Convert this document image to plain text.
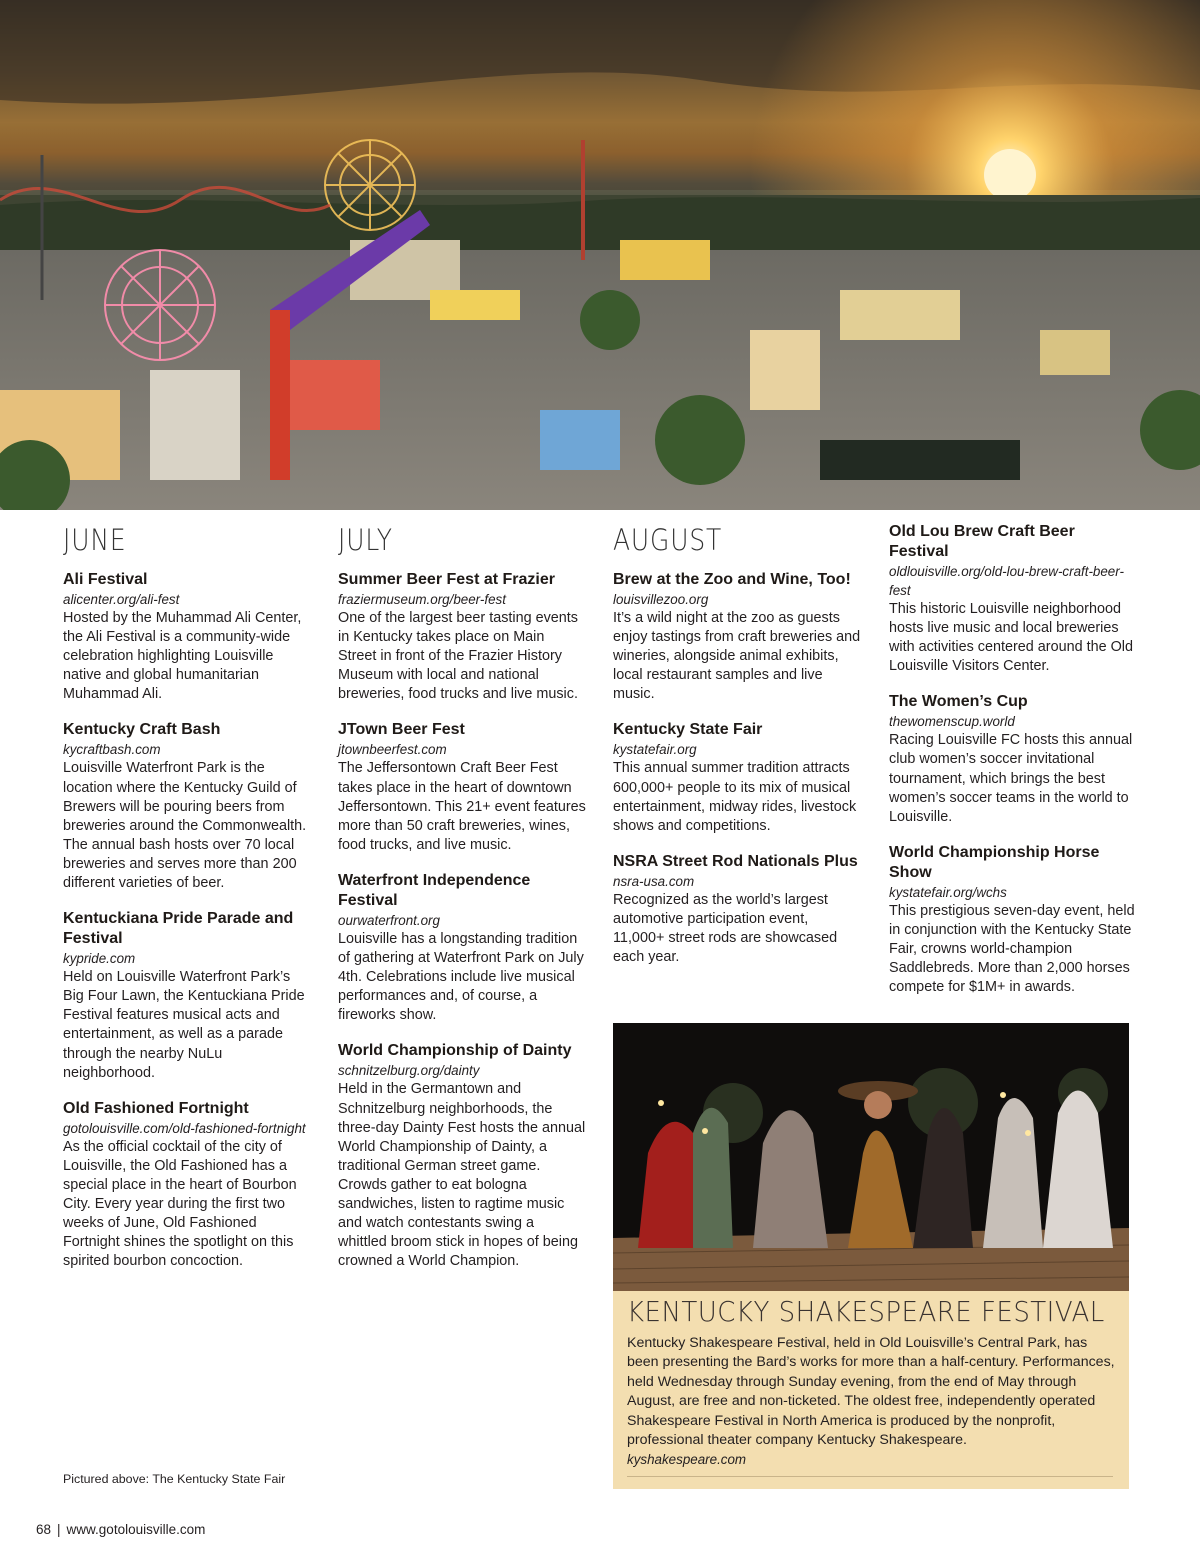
JUNE
Ali Festival
alicenter.org/ali-fest
Hosted by the Muhammad Ali Center, the Ali Festival is a community-wide celebration highlighting Louisville native and global humanitarian Muhammad Ali.
Kentucky Craft Bash
kycraftbash.com
Louisville Waterfront Park is the location where the Kentucky Guild of Brewers will be pouring beers from breweries around the Commonwealth. The annual bash hosts over 70 local breweries and serves more than 200 different varieties of beer.
Kentuckiana Pride Parade and Festival
kypride.com
Held on Louisville Waterfront Park’s Big Four Lawn, the Kentuckiana Pride Festival features musical acts and entertainment, as well as a parade through the nearby NuLu neighborhood.
Old Fashioned Fortnight
gotolouisville.com/old-fashioned-fortnight
As the official cocktail of the city of Louisville, the Old Fashioned has a special place in the heart of Bourbon City. Every year during the first two weeks of June, Old Fashioned Fortnight shines the spotlight on this spirited bourbon concoction.
JULY
Summer Beer Fest at Frazier
fraziermuseum.org/beer-fest
One of the largest beer tasting events in Kentucky takes place on Main Street in front of the Frazier History Museum with local and national breweries, food trucks and live music.
JTown Beer Fest
jtownbeerfest.com
The Jeffersontown Craft Beer Fest takes place in the heart of downtown Jeffersontown. This 21+ event features more than 50 craft breweries, wines, food trucks, and live music.
Waterfront Independence Festival
ourwaterfront.org
Louisville has a longstanding tradition of gathering at Waterfront Park on July 4th. Celebrations include live musical performances and, of course, a fireworks show.
World Championship of Dainty
schnitzelburg.org/dainty
Held in the Germantown and Schnitzelburg neighborhoods, the three-day Dainty Fest hosts the annual World Championship of Dainty, a traditional German street game. Crowds gather to eat bologna sandwiches, listen to ragtime music and watch contestants swing a whittled broom stick in hopes of being crowned a World Champion.
AUGUST
Brew at the Zoo and Wine, Too!
louisvillezoo.org
It’s a wild night at the zoo as guests enjoy tastings from craft breweries and wineries, alongside animal exhibits, local restaurant samples and live music.
Kentucky State Fair
kystatefair.org
This annual summer tradition attracts 600,000+ people to its mix of musical entertainment, midway rides, livestock shows and competitions.
NSRA Street Rod Nationals Plus
nsra-usa.com
Recognized as the world’s largest automotive participation event, 11,000+ street rods are showcased each year.
Old Lou Brew Craft Beer Festival
oldlouisville.org/old-lou-brew-craft-beer-fest
This historic Louisville neighborhood hosts live music and local breweries with activities centered around the Old Louisville Visitors Center.
The Women’s Cup
thewomenscup.world
Racing Louisville FC hosts this annual club women’s soccer invitational tournament, which brings the best women’s soccer teams in the world to Louisville.
World Championship Horse Show
kystatefair.org/wchs
This prestigious seven-day event, held in conjunction with the Kentucky State Fair, crowns world-champion Saddlebreds. More than 2,000 horses compete for $1M+ in awards.
KENTUCKY SHAKESPEARE FESTIVAL
Kentucky Shakespeare Festival, held in Old Louisville’s Central Park, has been presenting the Bard’s works for more than a half-century. Performances, held Wednesday through Sunday evening, from the end of May through August, are free and non-ticketed. The oldest free, independently operated Shakespeare Festival in North America is produced by the nonprofit, professional theater company Kentucky Shakespeare.
kyshakespeare.com
Pictured above: The Kentucky State Fair
68 | www.gotolouisville.com
